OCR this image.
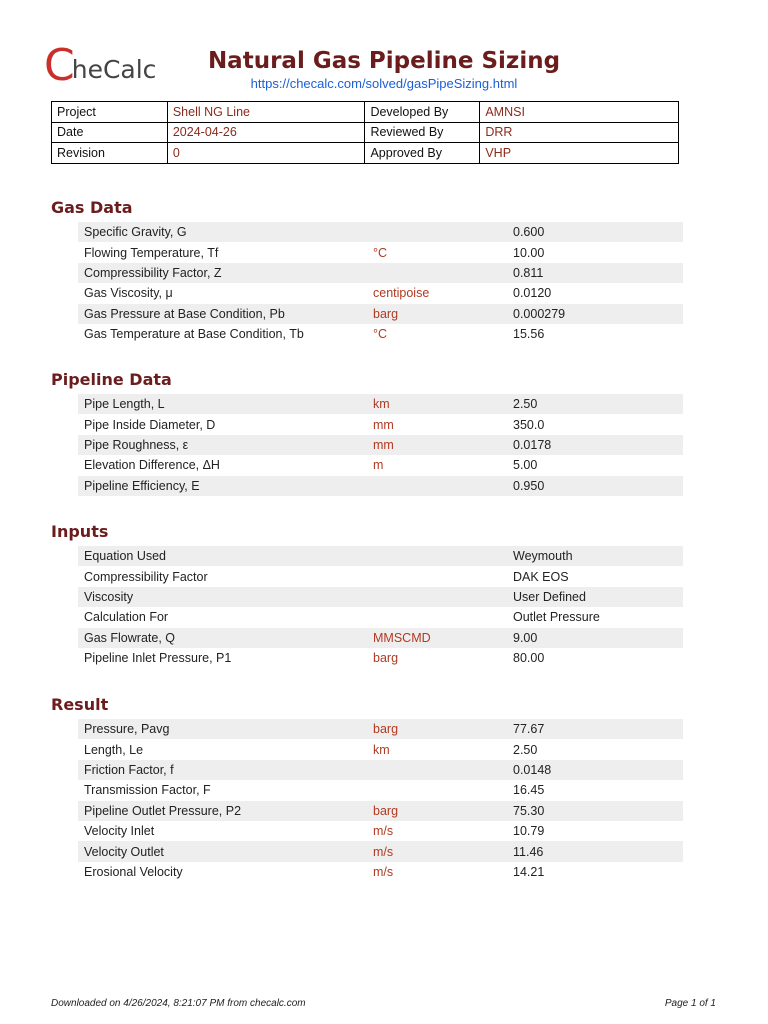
C
heCalc	Natural Gas Pipeline Sizing
https://checalc.com/solved/gasPipeSizing.html
Project	Shell NG Line	Developed By	AMNSI
Date	2024-04-26	Reviewed By	DRR
Revision	0	Approved By	VHP
Gas Data
Specific Gravity, G	0.600
Flowing Temperature, Tf	°C	10.00
Compressibility Factor, Z	0.811
Gas Viscosity, μ	centipoise	0.0120
Gas Pressure at Base Condition, Pb	barg	0.000279
Gas Temperature at Base Condition, Tb	°C	15.56
Pipeline Data
Pipe Length, L	km	2.50
Pipe Inside Diameter, D	mm	350.0
Pipe Roughness, ε	mm	0.0178
Elevation Difference, ΔH	m	5.00
Pipeline Efficiency, E	0.950
Inputs
Equation Used	Weymouth
Compressibility Factor	DAK EOS
Viscosity	User Defined
Calculation For	Outlet Pressure
Gas Flowrate, Q	MMSCMD	9.00
Pipeline Inlet Pressure, P1	barg	80.00
Result
Pressure, Pavg	barg	77.67
Length, Le	km	2.50
Friction Factor, f	0.0148
Transmission Factor, F	16.45
Pipeline Outlet Pressure, P2	barg	75.30
Velocity Inlet	m/s	10.79
Velocity Outlet	m/s	11.46
Erosional Velocity	m/s	14.21
Downloaded on 4/26/2024, 8:21:07 PM from checalc.com	Page 1 of 1
